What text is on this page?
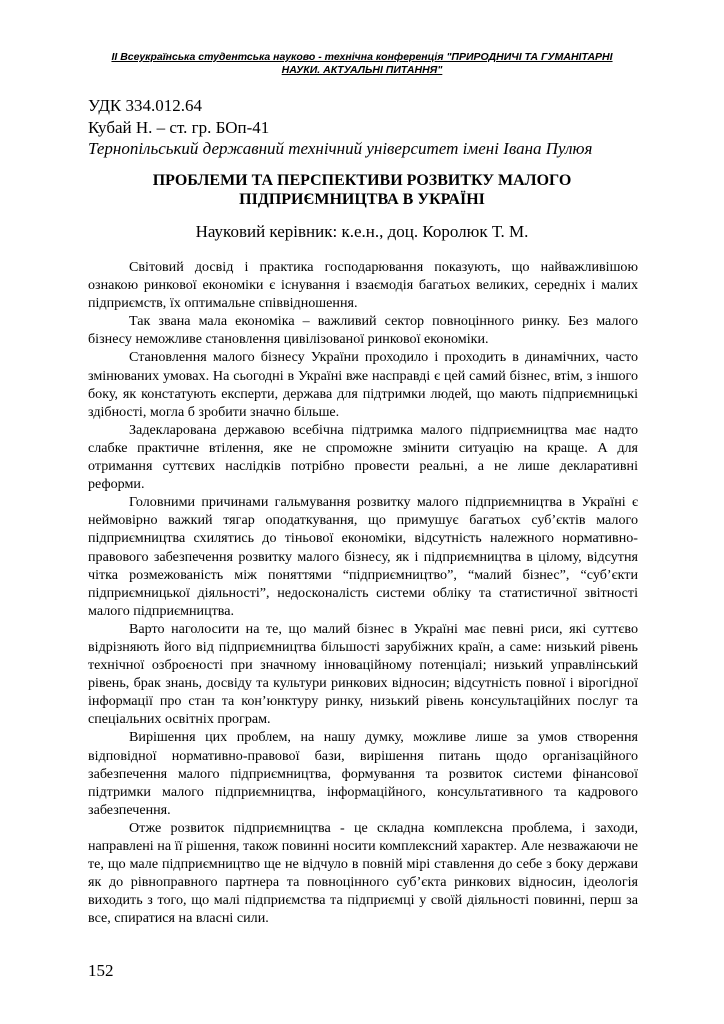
II Всеукраїнська студентська науково - технічна конференція "ПРИРОДНИЧІ ТА ГУМАНІТАРНІ НАУКИ. АКТУАЛЬНІ ПИТАННЯ"
УДК 334.012.64
Кубай Н. – ст. гр. БОп-41
Тернопільський державний технічний університет імені Івана Пулюя
ПРОБЛЕМИ ТА ПЕРСПЕКТИВИ РОЗВИТКУ МАЛОГО ПІДПРИЄМНИЦТВА В УКРАЇНІ
Науковий керівник: к.е.н., доц. Королюк Т. М.

Світовий досвід і практика господарювання показують, що найважливішою ознакою ринкової економіки є існування і взаємодія багатьох великих, середніх і малих підприємств, їх оптимальне співвідношення.

Так звана мала економіка – важливий сектор повноцінного ринку. Без малого бізнесу неможливе становлення цивілізованої ринкової економіки.

Становлення малого бізнесу України проходило і проходить в динамічних, часто змінюваних умовах. На сьогодні в Україні вже насправді є цей самий бізнес, втім, з іншого боку, як констатують експерти, держава для підтримки людей, що мають підприємницькі здібності, могла б зробити значно більше.

Задекларована державою всебічна підтримка малого підприємництва має надто слабке практичне втілення, яке не спроможне змінити ситуацію на краще. А для отримання суттєвих наслідків потрібно провести реальні, а не лише декларативні реформи.

Головними причинами гальмування розвитку малого підприємництва в Україні є неймовірно важкий тягар оподаткування, що примушує багатьох суб’єктів малого підприємництва схилятись до тіньової економіки, відсутність належного нормативно-правового забезпечення розвитку малого бізнесу, як і підприємництва в цілому, відсутня чітка розмежованість між поняттями “підприємництво”, “малий бізнес”, “суб’єкти підприємницької діяльності”, недосконалість системи обліку та статистичної звітності малого підприємництва.

Варто наголосити на те, що малий бізнес в Україні має певні риси, які суттєво відрізняють його від підприємництва більшості зарубіжних країн, а саме: низький рівень технічної озброєності при значному інноваційному потенціалі; низький управлінський рівень, брак знань, досвіду та культури ринкових відносин; відсутність повної і вірогідної інформації про стан та кон’юнктуру ринку, низький рівень консультаційних послуг та спеціальних освітніх програм.

Вирішення цих проблем, на нашу думку, можливе лише за умов створення відповідної нормативно-правової бази, вирішення питань щодо організаційного забезпечення малого підприємництва, формування та розвиток системи фінансової підтримки малого підприємництва, інформаційного, консультативного та кадрового забезпечення.

Отже розвиток підприємництва - це складна комплексна проблема, і заходи, направлені на її рішення, також повинні носити комплексний характер. Але незважаючи не те, що мале підприємництво ще не відчуло в повній мірі ставлення до себе з боку держави як до рівноправного партнера та повноцінного суб’єкта ринкових відносин, ідеологія виходить з того, що малі підприємства та підприємці у своїй діяльності повинні, перш за все, спиратися на власні сили.

152
